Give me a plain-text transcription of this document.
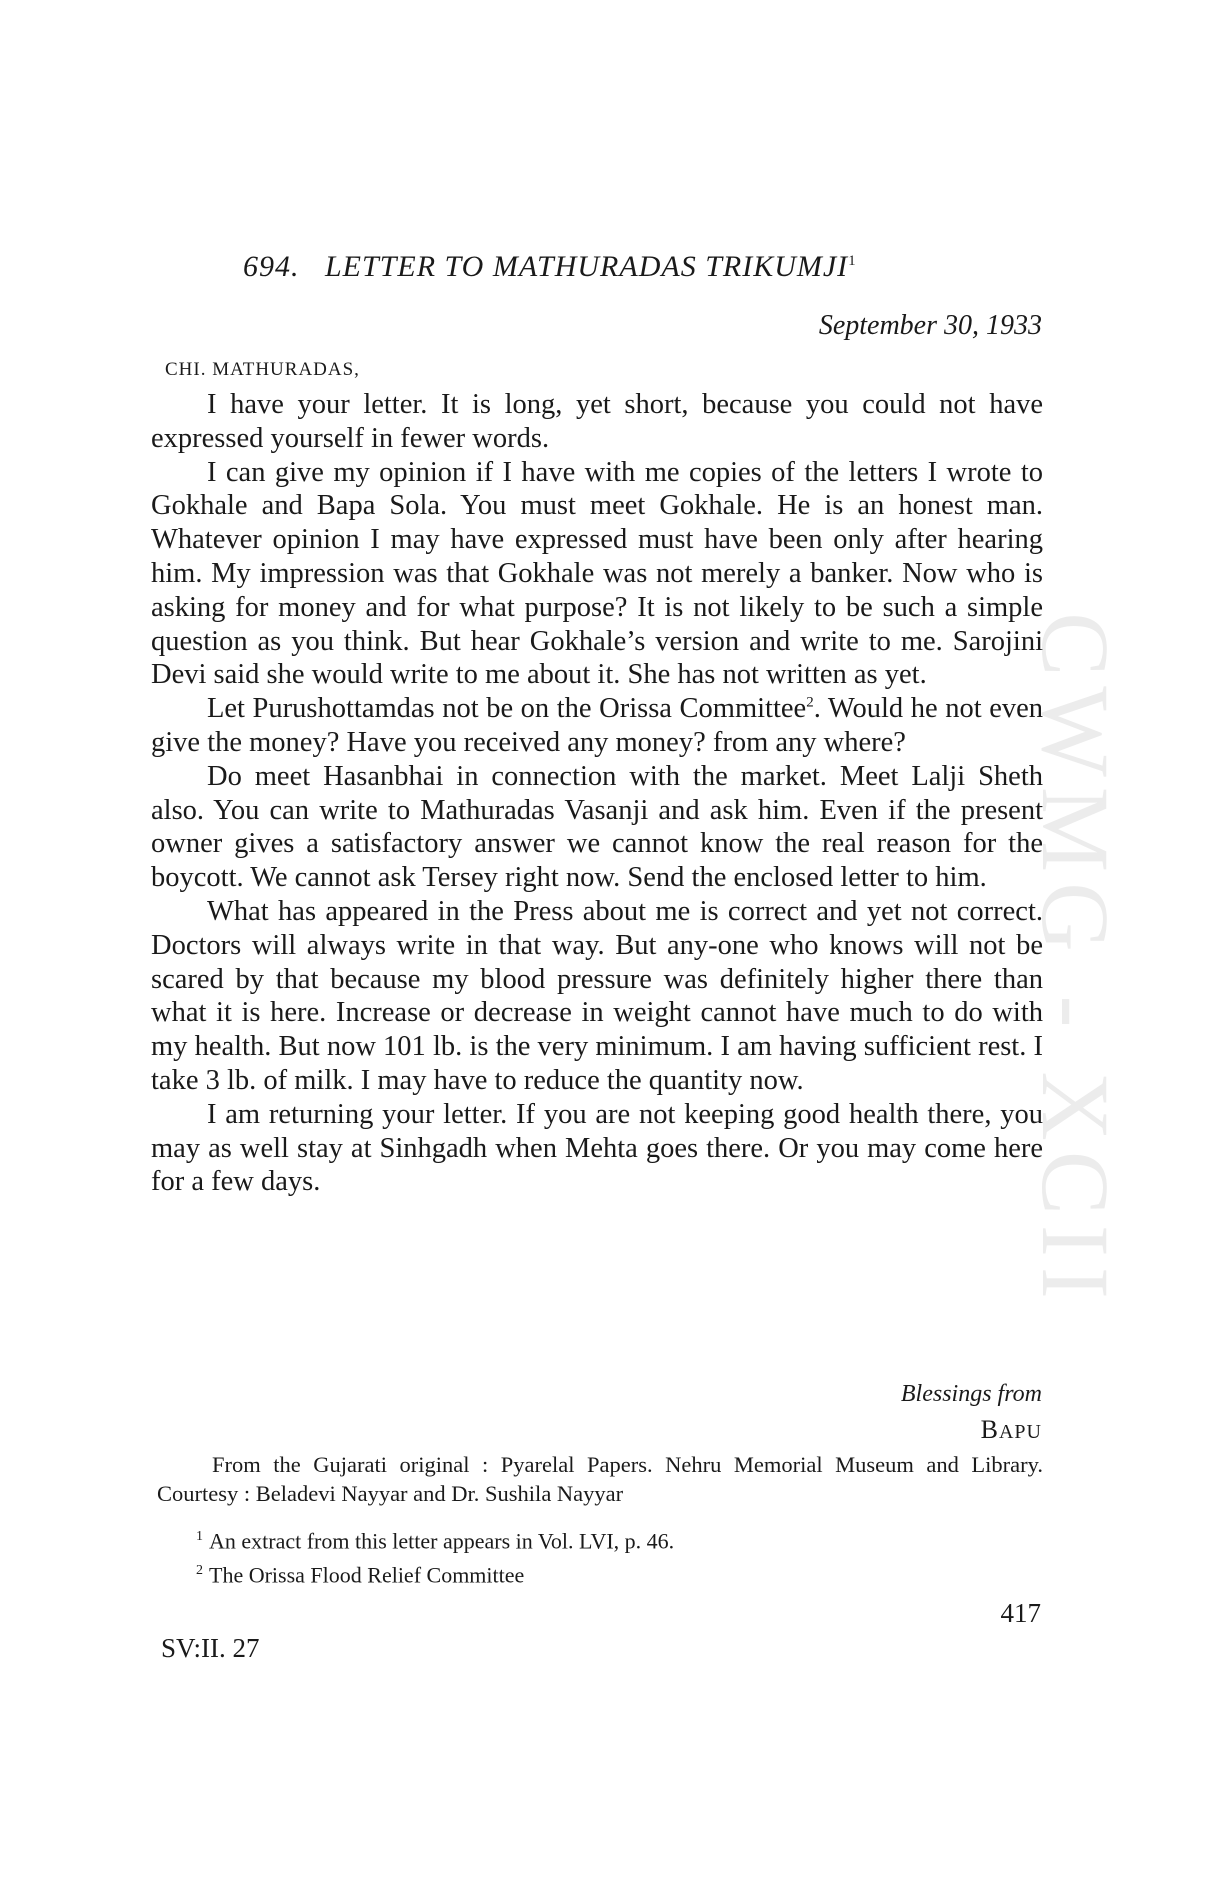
CWMG - XCII
694. LETTER TO MATHURADAS TRIKUMJI$^1$
September 30, 1933
CHI. MATHURADAS,

I have your letter. It is long, yet short, because you could not have expressed yourself in fewer words.

I can give my opinion if I have with me copies of the letters I wrote to Gokhale and Bapa Sola. You must meet Gokhale. He is an honest man. Whatever opinion I may have expressed must have been only after hearing him. My impression was that Gokhale was not merely a banker. Now who is asking for money and for what purpose? It is not likely to be such a simple question as you think. But hear Gokhale’s version and write to me. Sarojini Devi said she would write to me about it. She has not written as yet.

Let Purushottamdas not be on the Orissa Committee$^2$. Would he not even give the money? Have you received any money? from any where?

Do meet Hasanbhai in connection with the market. Meet Lalji Sheth also. You can write to Mathuradas Vasanji and ask him. Even if the present owner gives a satisfactory answer we cannot know the real reason for the boycott. We cannot ask Tersey right now. Send the enclosed letter to him.

What has appeared in the Press about me is correct and yet not correct. Doctors will always write in that way. But any-one who knows will not be scared by that because my blood pressure was definitely higher there than what it is here. Increase or decrease in weight cannot have much to do with my health. But now 101 lb. is the very minimum. I am having sufficient rest. I take 3 lb. of milk. I may have to reduce the quantity now.

I am returning your letter. If you are not keeping good health there, you may as well stay at Sinhgadh when Mehta goes there. Or you may come here for a few days.

Blessings from
BAPU

From the Gujarati original : Pyarelal Papers. Nehru Memorial Museum and Library. Courtesy : Beladevi Nayyar and Dr. Sushila Nayyar

$^1$ An extract from this letter appears in Vol. LVI, p. 46.
$^2$ The Orissa Flood Relief Committee
417
SV:II. 27
